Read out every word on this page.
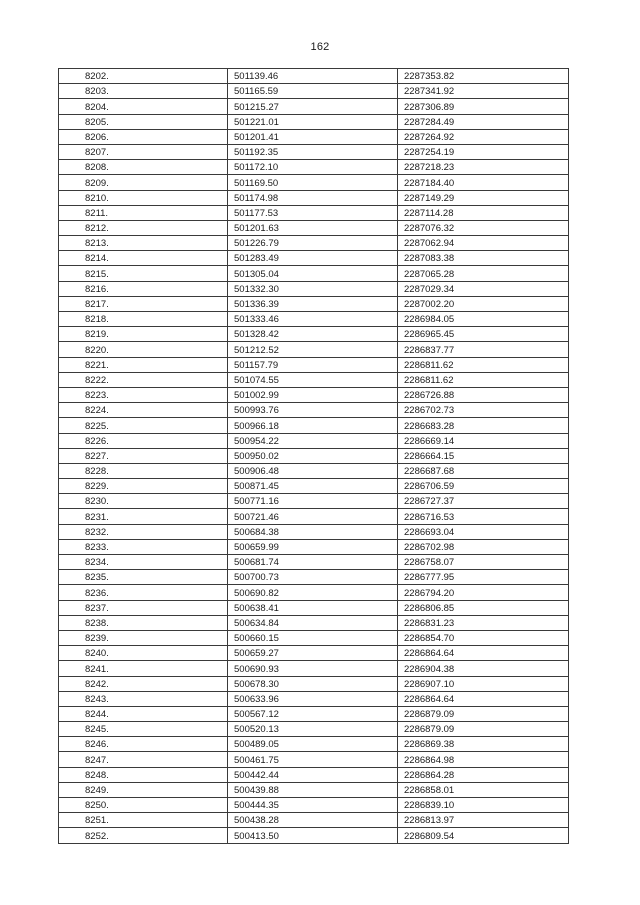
162
8202.	501139.46	2287353.82
8203.	501165.59	2287341.92
8204.	501215.27	2287306.89
8205.	501221.01	2287284.49
8206.	501201.41	2287264.92
8207.	501192.35	2287254.19
8208.	501172.10	2287218.23
8209.	501169.50	2287184.40
8210.	501174.98	2287149.29
8211.	501177.53	2287114.28
8212.	501201.63	2287076.32
8213.	501226.79	2287062.94
8214.	501283.49	2287083.38
8215.	501305.04	2287065.28
8216.	501332.30	2287029.34
8217.	501336.39	2287002.20
8218.	501333.46	2286984.05
8219.	501328.42	2286965.45
8220.	501212.52	2286837.77
8221.	501157.79	2286811.62
8222.	501074.55	2286811.62
8223.	501002.99	2286726.88
8224.	500993.76	2286702.73
8225.	500966.18	2286683.28
8226.	500954.22	2286669.14
8227.	500950.02	2286664.15
8228.	500906.48	2286687.68
8229.	500871.45	2286706.59
8230.	500771.16	2286727.37
8231.	500721.46	2286716.53
8232.	500684.38	2286693.04
8233.	500659.99	2286702.98
8234.	500681.74	2286758.07
8235.	500700.73	2286777.95
8236.	500690.82	2286794.20
8237.	500638.41	2286806.85
8238.	500634.84	2286831.23
8239.	500660.15	2286854.70
8240.	500659.27	2286864.64
8241.	500690.93	2286904.38
8242.	500678.30	2286907.10
8243.	500633.96	2286864.64
8244.	500567.12	2286879.09
8245.	500520.13	2286879.09
8246.	500489.05	2286869.38
8247.	500461.75	2286864.98
8248.	500442.44	2286864.28
8249.	500439.88	2286858.01
8250.	500444.35	2286839.10
8251.	500438.28	2286813.97
8252.	500413.50	2286809.54
